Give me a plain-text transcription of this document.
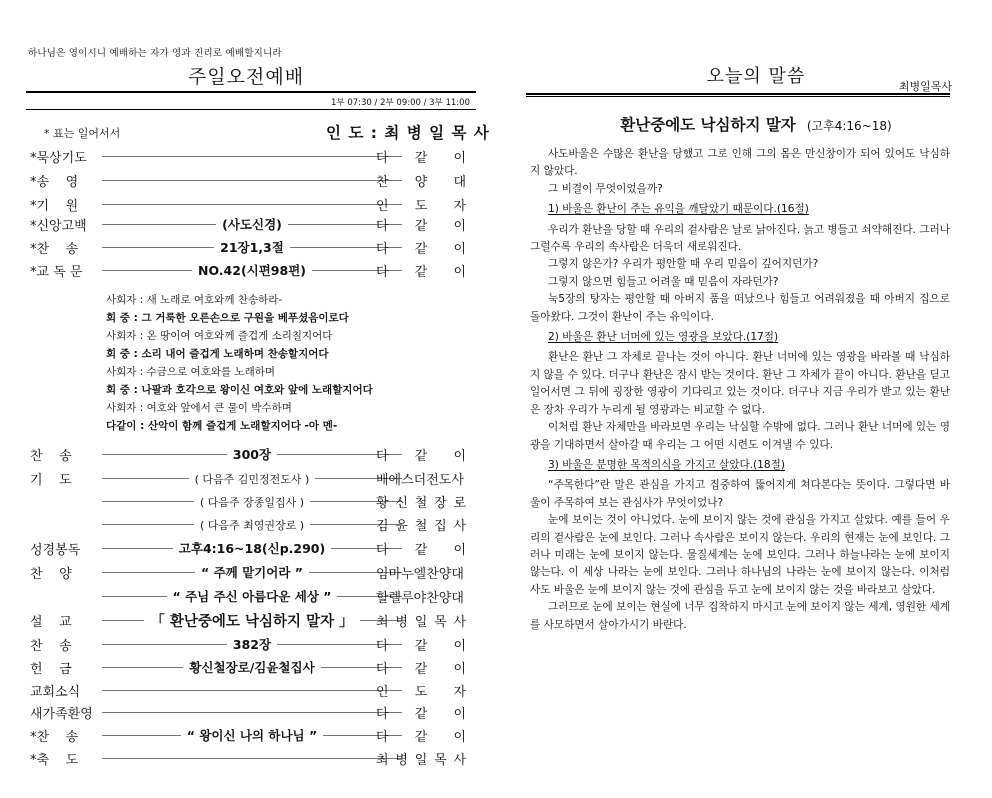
하나님은 영이시니 예배하는 자가 영과 진리로 예배할지니라
주일오전예배
1부 07:30 / 2부 09:00 / 3부 11:00
* 표는 일어서서	인 도 : 최 병 일 목 사
*묵상기도	다 같 이
*송    영	찬 양 대
*기    원	인 도 자
*신앙고백	(사도신경)	다 같 이
*찬    송	21장1,3절	다 같 이
*교 독 문	NO.42(시편98편)	다 같 이
사회자 : 새 노래로 여호와께 찬송하라-
회 중 : 그 거룩한 오른손으로 구원을 베푸셨음이로다
사회자 : 온 땅이여 여호와께 즐겁게 소리칠지어다
회 중 : 소리 내어 즐겁게 노래하며 찬송할지어다
사회자 : 수금으로 여호와를 노래하며
회 중 : 나팔과 호각으로 왕이신 여호와 앞에 노래할지어다
사회자 : 여호와 앞에서 큰 물이 박수하며
다같이 : 산악이 함께 즐겁게 노래할지어다 -아 멘-
찬    송	300장	다 같 이
기    도	( 다음주 김민정전도사 )	배에스더전도사
( 다음주 장종일집사 )	황 신 철 장 로
( 다음주 최영권장로 )	김 윤 철 집 사
성경봉독	고후4:16~18(신p.290)	다 같 이
찬    양	“ 주께 맡기어라 ”	임마누엘찬양대
“ 주님 주신 아름다운 세상 ”	할렐루야찬양대
설    교	「 환난중에도 낙심하지 말자 」	최 병 일 목 사
찬    송	382장	다 같 이
헌    금	황신철장로/김윤철집사	다 같 이
교회소식	인 도 자
새가족환영	다 같 이
*찬    송	“ 왕이신 나의 하나님 ”	다 같 이
*축    도	최 병 일 목 사
오늘의 말씀	최병일목사
환난중에도 낙심하지 말자 (고후4:16~18)

사도바울은 수많은 환난을 당했고 그로 인해 그의 몸은 만신창이가 되어 있어도 낙심하지 않았다.

그 비결이 무엇이었을까?

1) 바울은 환난이 주는 유익을 깨달았기 때문이다.(16절)

우리가 환난을 당할 때 우리의 겉사람은 날로 낡아진다. 늙고 병들고 쇠약해진다. 그러나 그럴수록 우리의 속사람은 더욱더 새로워진다.

그렇지 않은가? 우리가 평안할 때 우리 믿음이 깊어지던가?

그렇지 않으면 힘들고 어려울 때 믿음이 자라던가?

눅5장의 탕자는 평안할 때 아버지 품을 떠났으나 힘들고 어려워졌을 때 아버지 집으로 돌아왔다. 그것이 환난이 주는 유익이다.

2) 바울은 환난 너머에 있는 영광을 보았다.(17절)

환난은 환난 그 자체로 끝나는 것이 아니다. 환난 너머에 있는 영광을 바라볼 때 낙심하지 않을 수 있다. 더구나 환난은 잠시 받는 것이다. 환난 그 자체가 끝이 아니다. 환난을 딛고 일어서면 그 뒤에 굉장한 영광이 기다리고 있는 것이다. 더구나 지금 우리가 받고 있는 환난은 장차 우리가 누리게 될 영광과는 비교할 수 없다.

이처럼 환난 자체만을 바라보면 우리는 낙심할 수밖에 없다. 그러나 환난 너머에 있는 영광을 기대하면서 살아갈 때 우리는 그 어떤 시련도 이겨낼 수 있다.

3) 바울은 분명한 목적의식을 가지고 살았다.(18절)

“주목한다”란 말은 관심을 가지고 집중하여 뚫어지게 쳐다본다는 뜻이다. 그렇다면 바울이 주목하여 보는 관심사가 무엇이었나?

눈에 보이는 것이 아니었다. 눈에 보이지 않는 것에 관심을 가지고 살았다. 예를 들어 우리의 겉사람은 눈에 보인다. 그러나 속사람은 보이지 않는다. 우리의 현재는 눈에 보인다. 그러나 미래는 눈에 보이지 않는다. 물질세계는 눈에 보인다. 그러나 하늘나라는 눈에 보이지 않는다. 이 세상 나라는 눈에 보인다. 그러나 하나님의 나라는 눈에 보이지 않는다. 이처럼 사도 바울은 눈에 보이지 않는 것에 관심을 두고 눈에 보이지 않는 것을 바라보고 살았다.

그러므로 눈에 보이는 현실에 너무 집착하지 마시고 눈에 보이지 않는 세계, 영원한 세계를 사모하면서 살아가시기 바란다.
